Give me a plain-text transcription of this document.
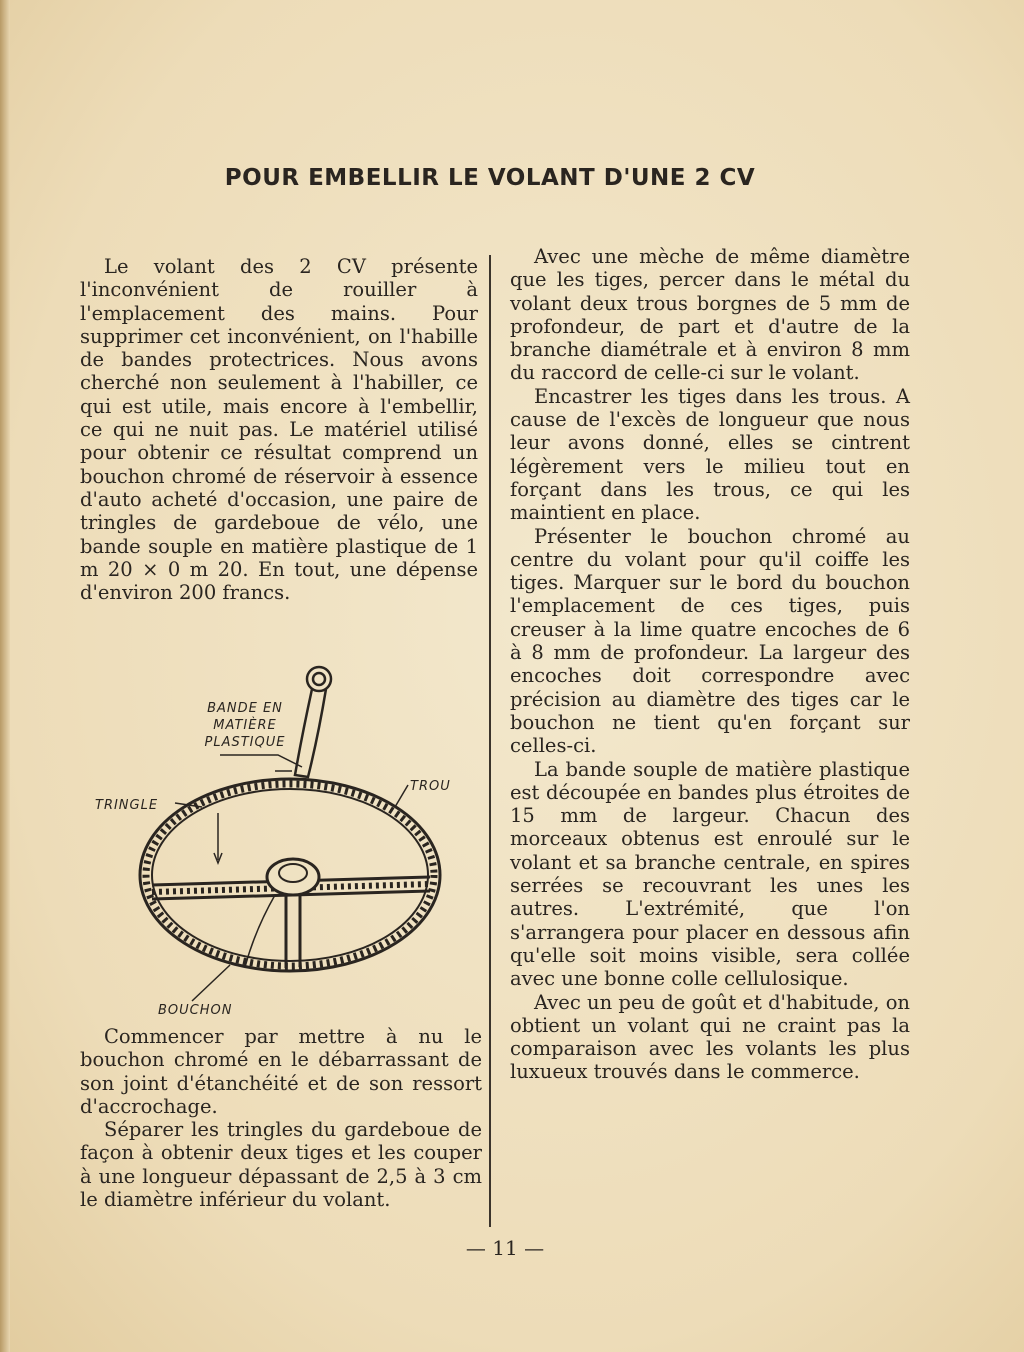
POUR EMBELLIR LE VOLANT D'UNE 2 CV

Le volant des 2 CV présente l'inconvénient de rouiller à l'emplacement des mains. Pour supprimer cet inconvénient, on l'habille de bandes protectrices. Nous avons cherché non seulement à l'habiller, ce qui est utile, mais encore à l'embellir, ce qui ne nuit pas. Le matériel utilisé pour obtenir ce résultat comprend un bouchon chromé de réservoir à essence d'auto acheté d'occasion, une paire de tringles de gardeboue de vélo, une bande souple en matière plastique de 1 m 20 × 0 m 20. En tout, une dépense d'environ 200 francs.

BANDE EN MATIÈRE PLASTIQUE
TROU
TRINGLE
BOUCHON

Commencer par mettre à nu le bouchon chromé en le débarrassant de son joint d'étanchéité et de son ressort d'accrochage.

Séparer les tringles du gardeboue de façon à obtenir deux tiges et les couper à une longueur dépassant de 2,5 à 3 cm le diamètre inférieur du volant.

Avec une mèche de même diamètre que les tiges, percer dans le métal du volant deux trous borgnes de 5 mm de profondeur, de part et d'autre de la branche diamétrale et à environ 8 mm du raccord de celle-ci sur le volant.

Encastrer les tiges dans les trous. A cause de l'excès de longueur que nous leur avons donné, elles se cintrent légèrement vers le milieu tout en forçant dans les trous, ce qui les maintient en place.

Présenter le bouchon chromé au centre du volant pour qu'il coiffe les tiges. Marquer sur le bord du bouchon l'emplacement de ces tiges, puis creuser à la lime quatre encoches de 6 à 8 mm de profondeur. La largeur des encoches doit correspondre avec précision au diamètre des tiges car le bouchon ne tient qu'en forçant sur celles-ci.

La bande souple de matière plastique est découpée en bandes plus étroites de 15 mm de largeur. Chacun des morceaux obtenus est enroulé sur le volant et sa branche centrale, en spires serrées se recouvrant les unes les autres. L'extrémité, que l'on s'arrangera pour placer en dessous afin qu'elle soit moins visible, sera collée avec une bonne colle cellulosique.

Avec un peu de goût et d'habitude, on obtient un volant qui ne craint pas la comparaison avec les volants les plus luxueux trouvés dans le commerce.

— 11 —
